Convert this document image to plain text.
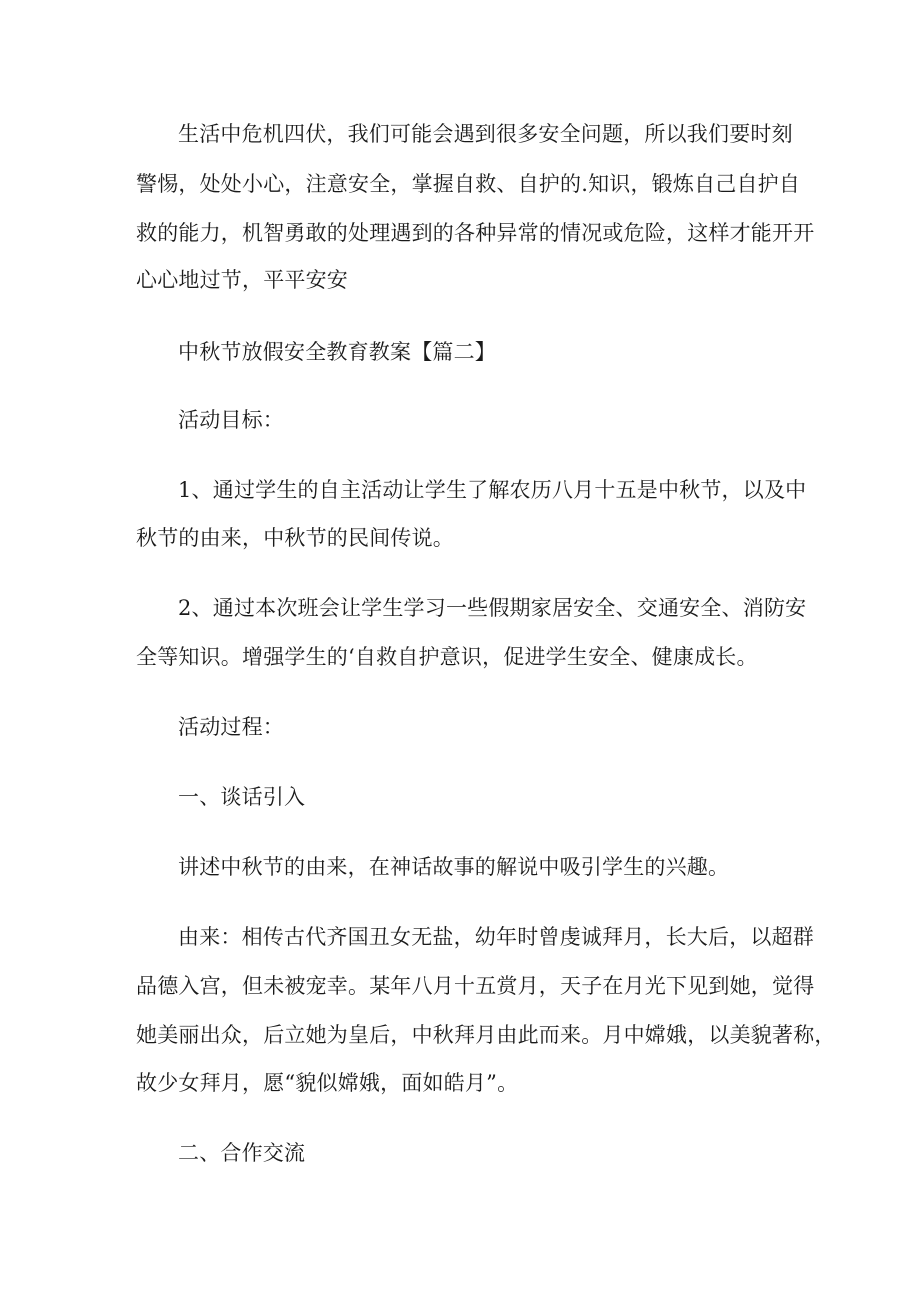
生活中危机四伏，我们可能会遇到很多安全问题，所以我们要时刻
警惕，处处小心，注意安全，掌握自救、自护的.知识，锻炼自己自护自
救的能力，机智勇敢的处理遇到的各种异常的情况或危险，这样才能开开
心心地过节，平平安安
中秋节放假安全教育教案【篇二】
活动目标：
1、通过学生的自主活动让学生了解农历八月十五是中秋节，以及中
秋节的由来，中秋节的民间传说。
2、通过本次班会让学生学习一些假期家居安全、交通安全、消防安
全等知识。增强学生的‘自救自护意识，促进学生安全、健康成长。
活动过程：
一、谈话引入
讲述中秋节的由来，在神话故事的解说中吸引学生的兴趣。
由来：相传古代齐国丑女无盐，幼年时曾虔诚拜月，长大后，以超群
品德入宫，但未被宠幸。某年八月十五赏月，天子在月光下见到她，觉得
她美丽出众，后立她为皇后，中秋拜月由此而来。月中嫦娥，以美貌著称，
故少女拜月，愿“貌似嫦娥，面如皓月”。
二、合作交流
